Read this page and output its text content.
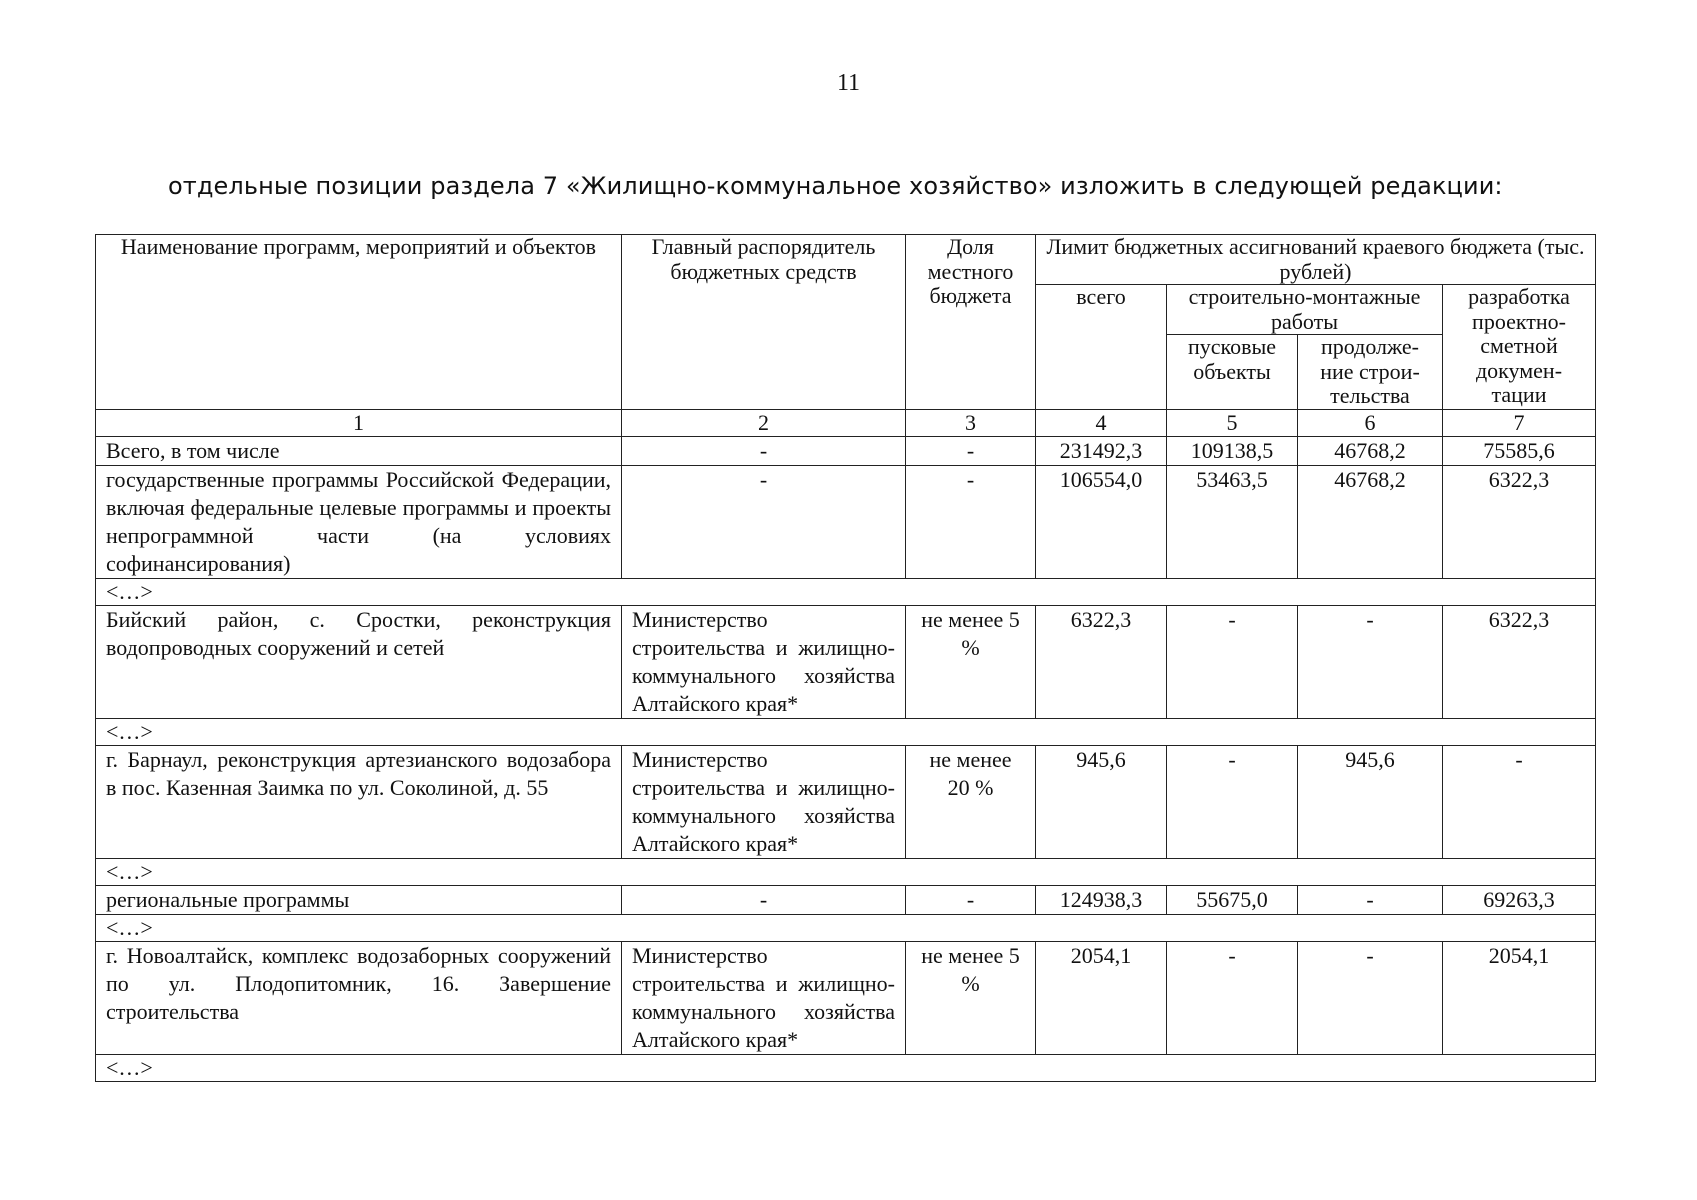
11
отдельные позиции раздела 7 «Жилищно-коммунальное хозяйство» изложить в следующей редакции:
Наименование программ, мероприятий и объектов	Главный распорядитель бюджетных средств	Доля местного бюджета	Лимит бюджетных ассигнований краевого бюджета (тыс. рублей)			
			всего	строительно-монтажные работы		разработка проектно-сметной докумен-тации
				пусковые объекты	продолже-ние строи-тельства	
1	2	3	4	5	6	7
Всего, в том числе	-	-	231492,3	109138,5	46768,2	75585,6
государственные программы Российской Федерации, включая федеральные целевые программы и проекты непрограммной части (на условиях софинансирования)	-	-	106554,0	53463,5	46768,2	6322,3
<…>						
Бийский район, с. Сростки, реконструкция водопроводных сооружений и сетей	Министерство строительства и жилищно-коммунального хозяйства Алтайского края*	не менее 5 %	6322,3	-	-	6322,3
<…>						
г. Барнаул, реконструкция артезианского водозабора в пос. Казенная Заимка по ул. Соколиной, д. 55	Министерство строительства и жилищно-коммунального хозяйства Алтайского края*	не менее 20 %	945,6	-	945,6	-
<…>						
региональные программы	-	-	124938,3	55675,0	-	69263,3
<…>						
г. Новоалтайск, комплекс водозаборных сооружений по ул. Плодопитомник, 16. Завершение строительства	Министерство строительства и жилищно-коммунального хозяйства Алтайского края*	не менее 5 %	2054,1	-	-	2054,1
<…>						
